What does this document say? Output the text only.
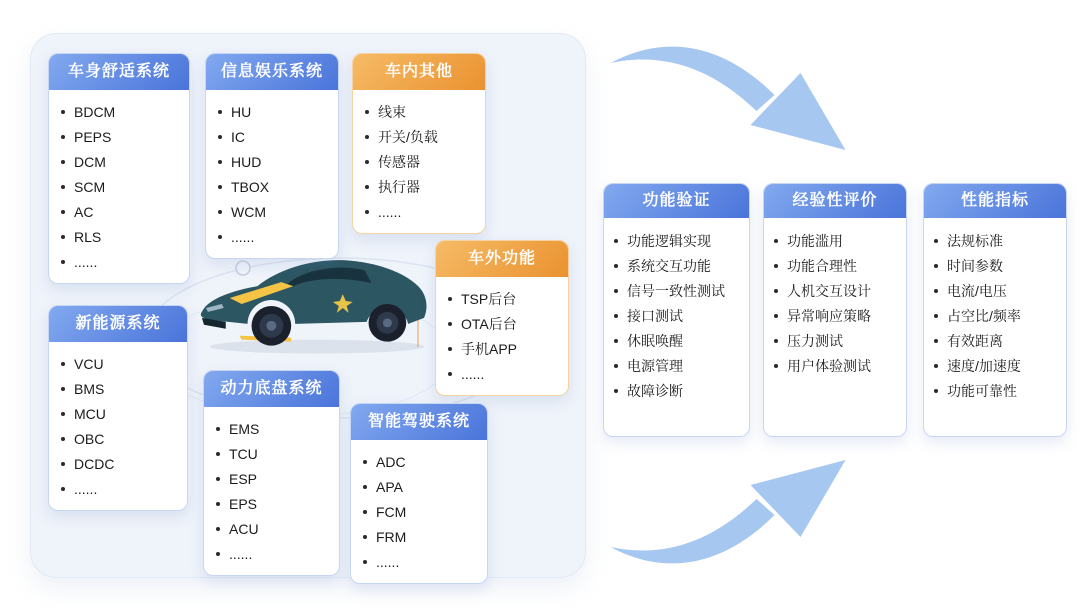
车身舒适系统
BDCM
PEPS
DCM
SCM
AC
RLS
......
信息娱乐系统
HU
IC
HUD
TBOX
WCM
......
车内其他
线束
开关/负载
传感器
执行器
......
车外功能
TSP后台
OTA后台
手机APP
......
新能源系统
VCU
BMS
MCU
OBC
DCDC
......
动力底盘系统
EMS
TCU
ESP
EPS
ACU
......
智能驾驶系统
ADC
APA
FCM
FRM
......
功能验证
功能逻辑实现
系统交互功能
信号一致性测试
接口测试
休眠唤醒
电源管理
故障诊断
经验性评价
功能滥用
功能合理性
人机交互设计
异常响应策略
压力测试
用户体验测试
性能指标
法规标准
时间参数
电流/电压
占空比/频率
有效距离
速度/加速度
功能可靠性
